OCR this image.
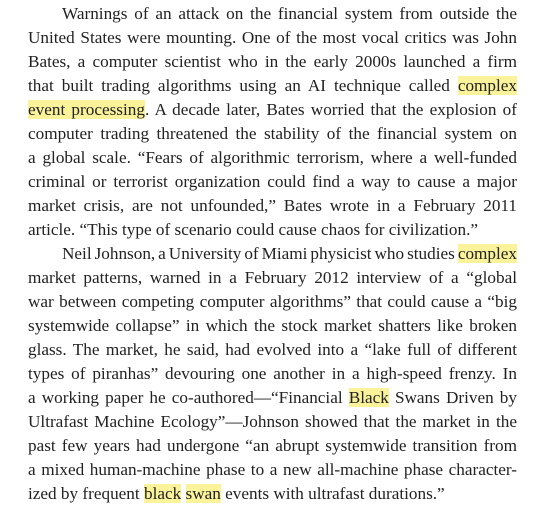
Warnings of an attack on the financial system from outside the
United States were mounting. One of the most vocal critics was John
Bates, a computer scientist who in the early 2000s launched a firm
that built trading algorithms using an AI technique called complex
event processing. A decade later, Bates worried that the explosion of
computer trading threatened the stability of the financial system on
a global scale. “Fears of algorithmic terrorism, where a well-funded
criminal or terrorist organization could find a way to cause a major
market crisis, are not unfounded,” Bates wrote in a February 2011
article. “This type of scenario could cause chaos for civilization.”
Neil Johnson, a University of Miami physicist who studies complex
market patterns, warned in a February 2012 interview of a “global
war between competing computer algorithms” that could cause a “big
systemwide collapse” in which the stock market shatters like broken
glass. The market, he said, had evolved into a “lake full of different
types of piranhas” devouring one another in a high-speed frenzy. In
a working paper he co-authored—“Financial Black Swans Driven by
Ultrafast Machine Ecology”—Johnson showed that the market in the
past few years had undergone “an abrupt systemwide transition from
a mixed human-machine phase to a new all-machine phase character-
ized by frequent black swan events with ultrafast durations.”
